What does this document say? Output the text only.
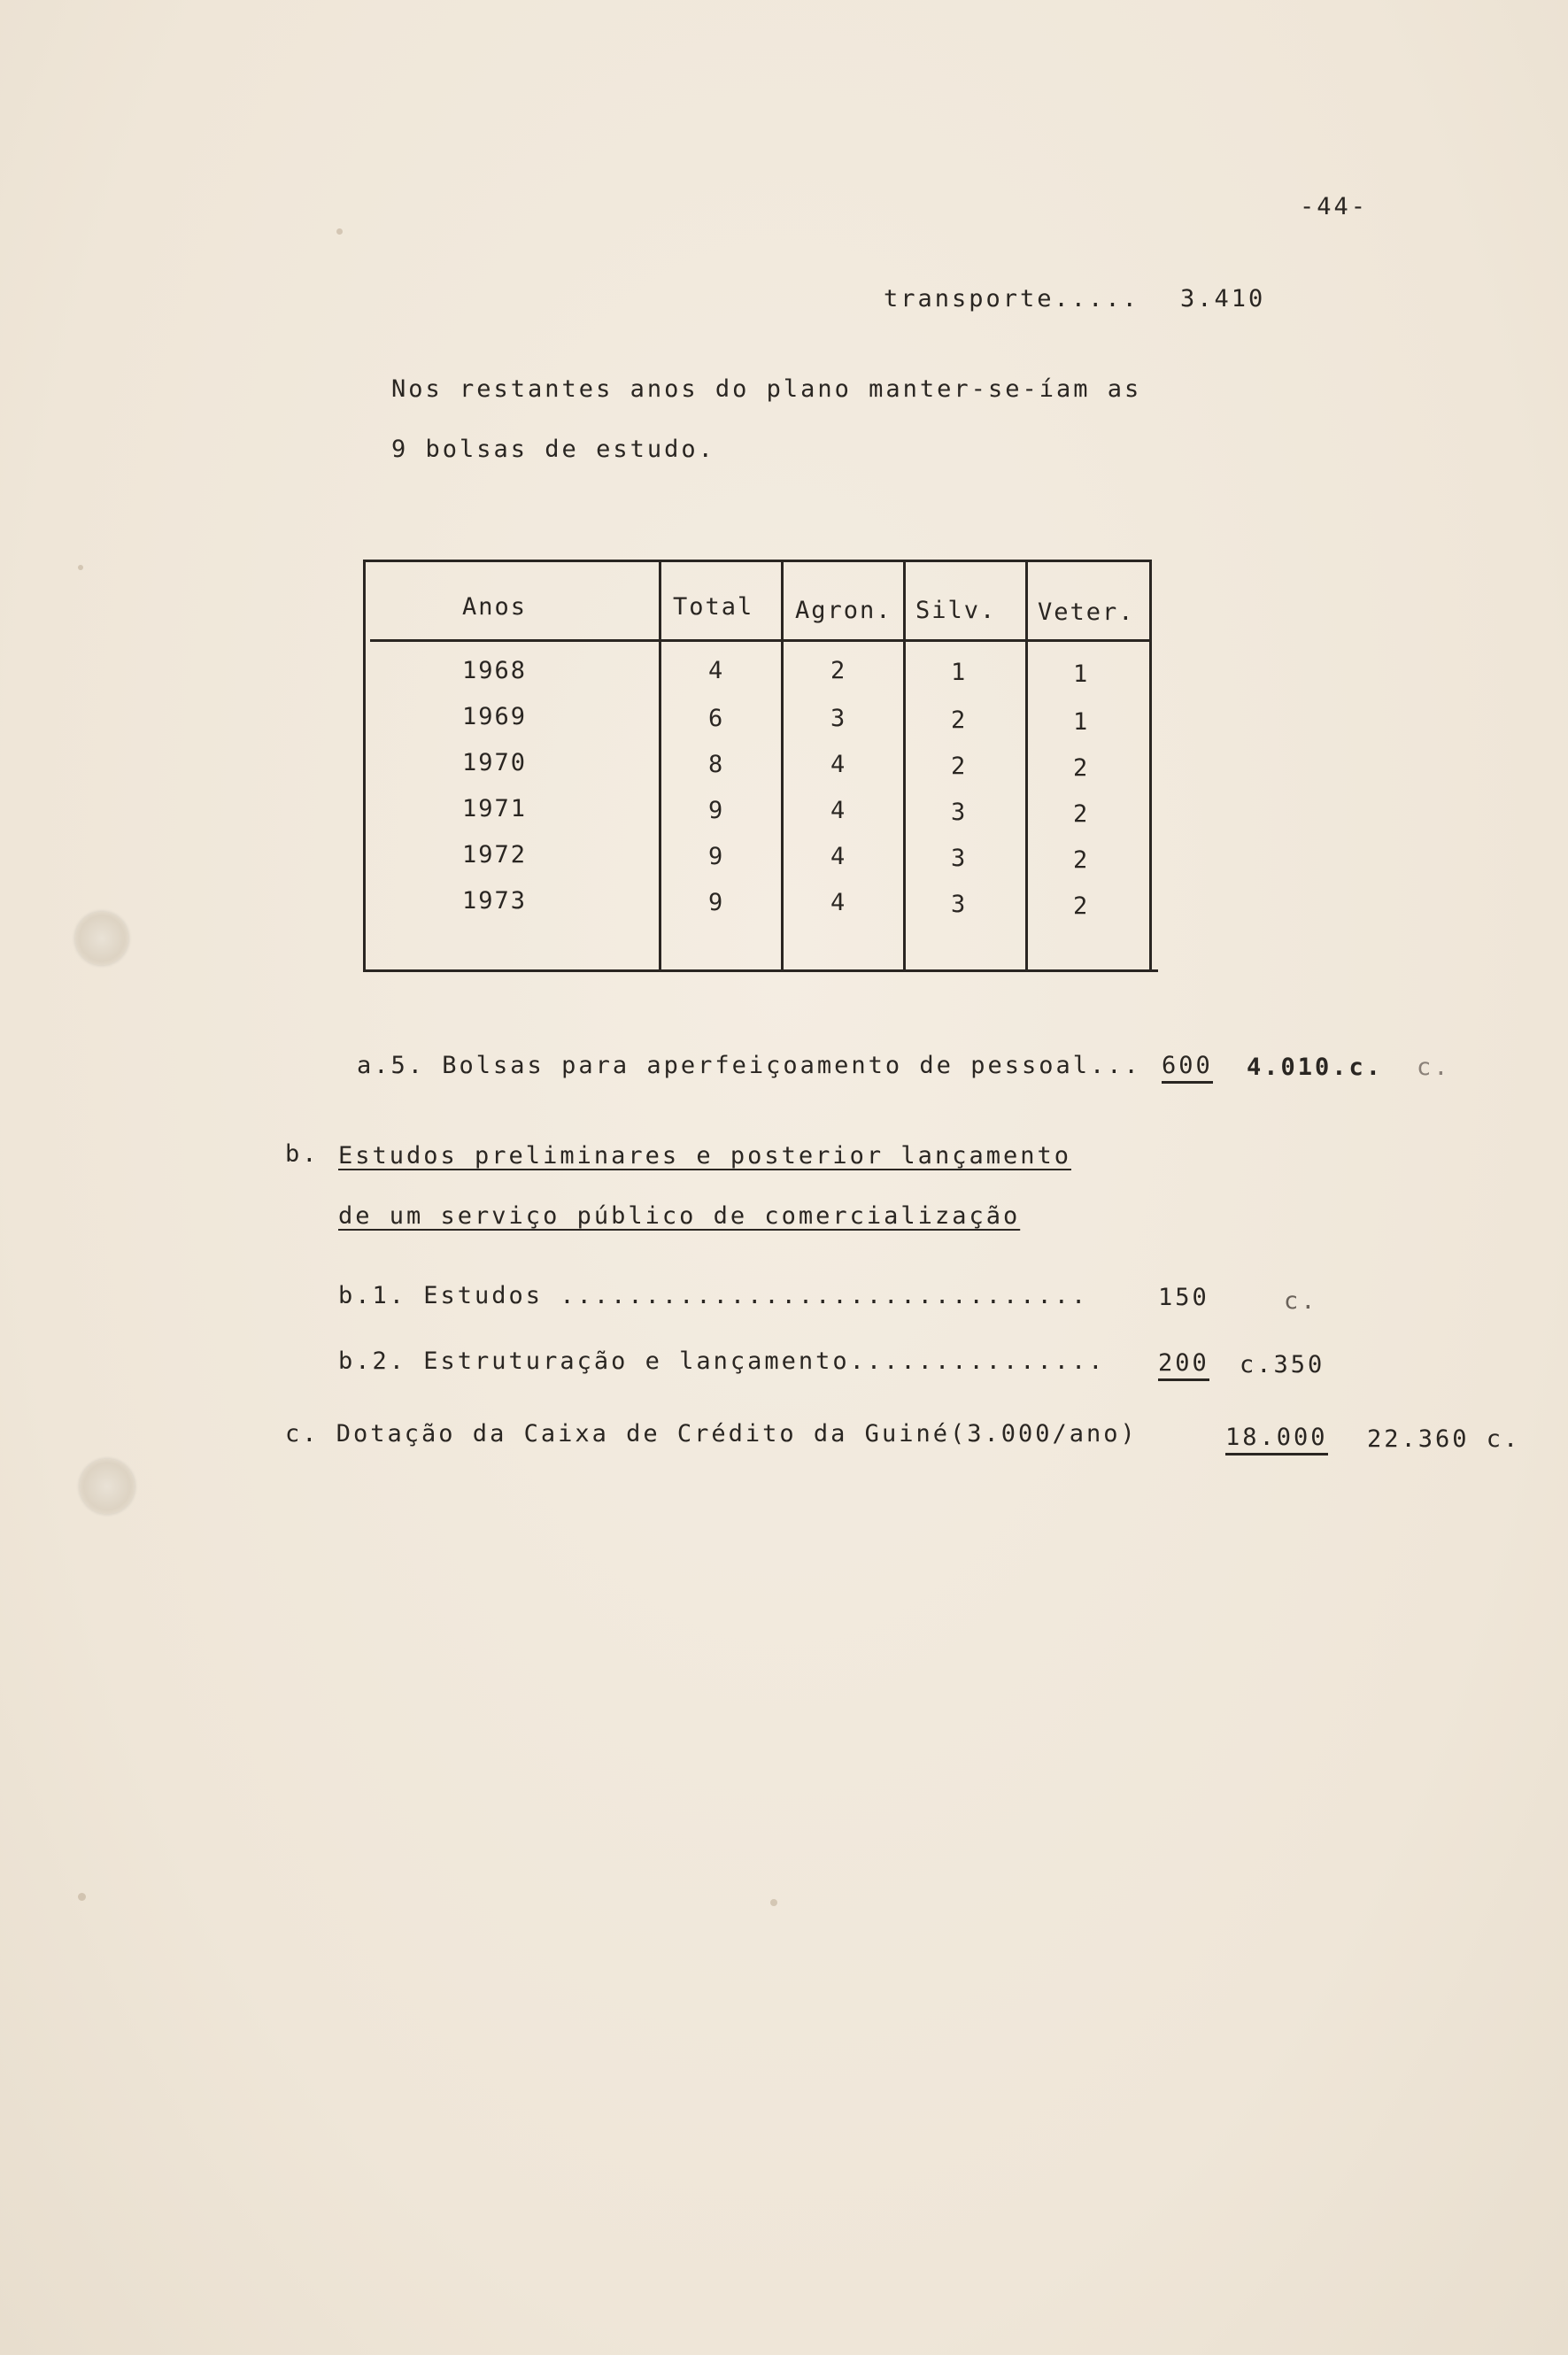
-44-
transporte..... 3.410
Nos restantes anos do plano manter-se-íam as
9 bolsas de estudo.
Anos	Total Agron. Silv. Veter.
1968	4	2	1	1
1969	6	3	2	1
1970	8	4	2	2
1971	9	4	3	2
1972	9	4	3	2
1973	9	4	3	2
a.5. Bolsas para aperfeiçoamento de pessoal... 600 4.010.c. c.
b. Estudos preliminares e posterior lançamento
de um serviço público de comercialização
b.1. Estudos ...............................	150	c.
b.2. Estruturação e lançamento............... 200 c.350
c. Dotação da Caixa de Crédito da Guiné(3.000/ano)	18.000 22.360 c.
